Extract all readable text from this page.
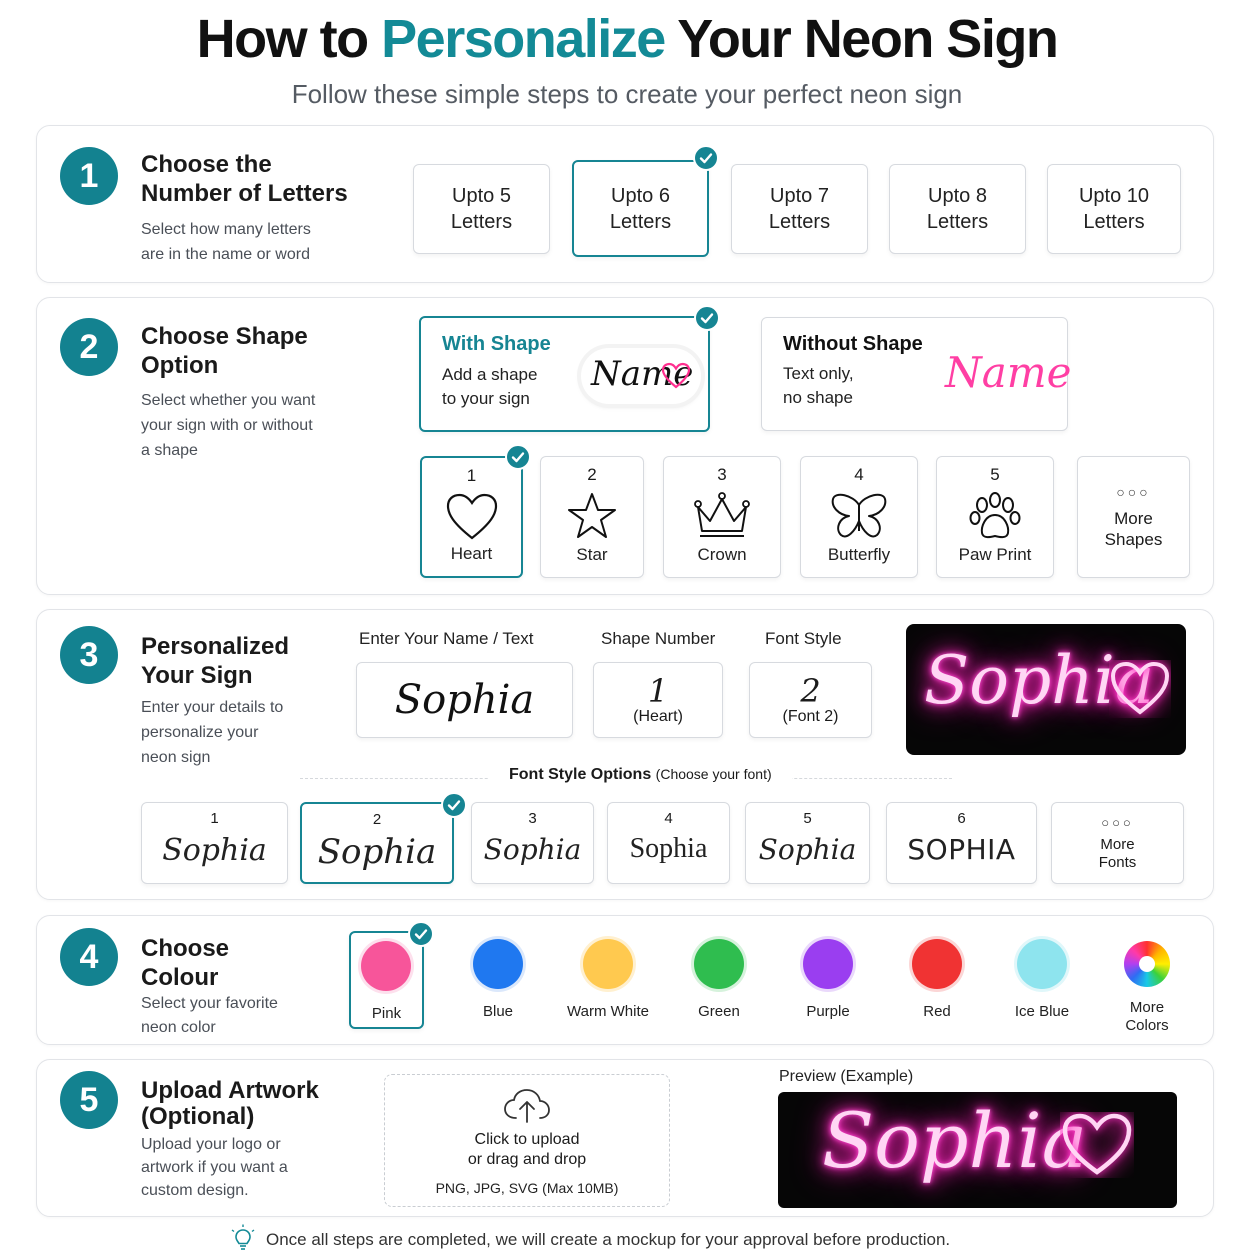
How to Personalize Your Neon Sign
Follow these simple steps to create your perfect neon sign
1	Choose the
Number of Letters
Select how many letters
are in the name or word
Upto 5
Letters
Upto 6
Letters
Upto 7
Letters
Upto 8
Letters
Upto 10
Letters
2	Choose Shape
Option
Select whether you want
your sign with or without
a shape
With Shape
Add a shape
to your sign
Name
Without Shape
Text only,
no shape
Name
1
Heart
2
Star
3
Crown
4
Butterfly
5
Paw Print
○○○
More
Shapes
3	Personalized
Your Sign
Enter your details to
personalize your
neon sign
Enter Your Name / Text
Sophia
Shape Number
1
(Heart)
Font Style
2
(Font 2) Sophia
Font Style Options (Choose your font)
1
Sophia
2
Sophia
3
Sophia
4
Sophia
5
Sophia
6
SOPHIA
○○○
More
Fonts
4	Choose
Colour
Select your favorite
neon color
Pink	Blue	Warm White	Green	Purple	Red	Ice Blue	More
Colors
5	Upload Artwork
(Optional)
Upload your logo or
artwork if you want a
custom design.
Click to upload
or drag and drop
PNG, JPG, SVG (Max 10MB)
Preview (Example)
Sophia
Once all steps are completed, we will create a mockup for your approval before production.
